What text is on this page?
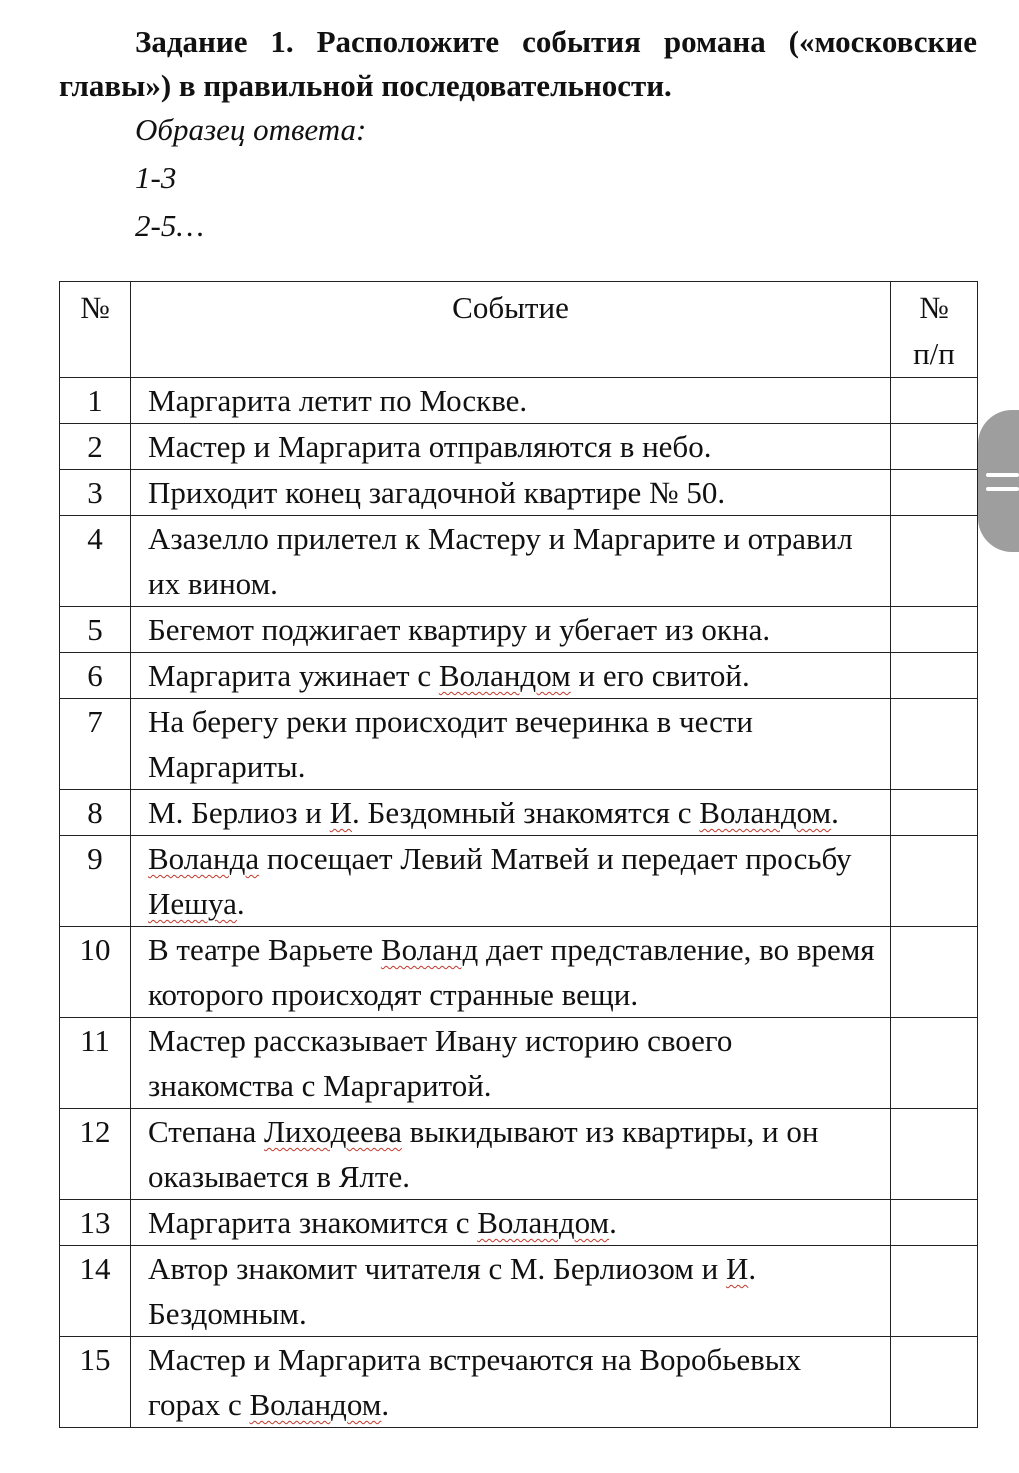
Задание 1. Расположите события романа («московские главы») в правильной последовательности.
Образец ответа:
1-3
2-5…
№	Событие	№
п/п

1	Маргарита летит по Москве.	
2	Мастер и Маргарита отправляются в небо.	
3	Приходит конец загадочной квартире № 50.	
4	Азазелло прилетел к Мастеру и Маргарите и отравил их вином.	
5	Бегемот поджигает квартиру и убегает из окна.	
6	Маргарита ужинает с Воландом и его свитой.	
7	На берегу реки происходит вечеринка в чести Маргариты.	
8	М. Берлиоз и И. Бездомный знакомятся с Воландом.	
9	Воланда посещает Левий Матвей и передает просьбу Иешуа.	
10	В театре Варьете Воланд дает представление, во время которого происходят странные вещи.	
11	Мастер рассказывает Ивану историю своего знакомства с Маргаритой.	
12	Степана Лиходеева выкидывают из квартиры, и он оказывается в Ялте.	
13	Маргарита знакомится с Воландом.	
14	Автор знакомит читателя с М. Берлиозом и И. Бездомным.	
15	Мастер и Маргарита встречаются на Воробьевых горах с Воландом.	
